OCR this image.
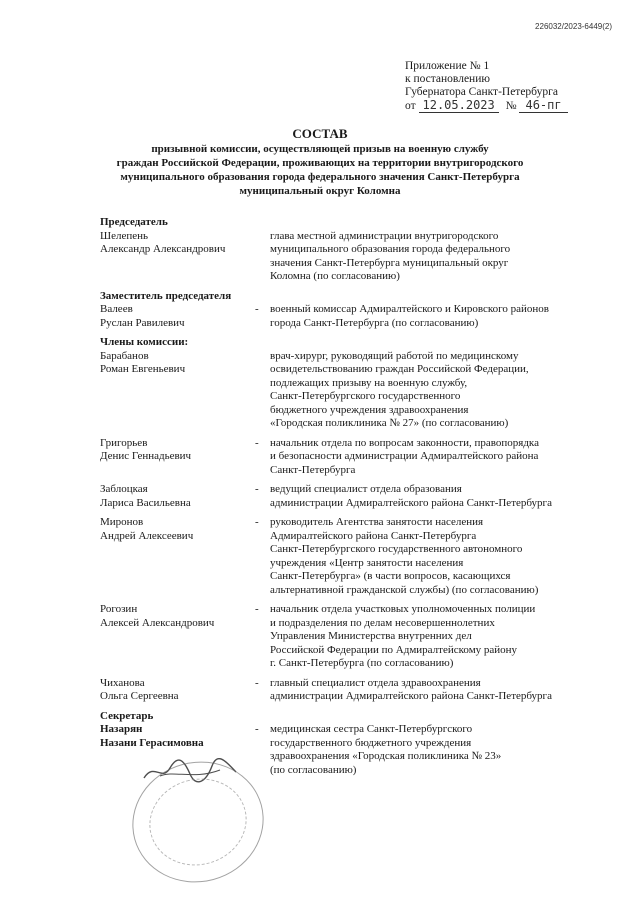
226032/2023-6449(2)
Приложение № 1
к постановлению
Губернатора Санкт-Петербурга
от 12.05.2023 № 46-пг
СОСТАВ
призывной комиссии, осуществляющей призыв на военную службу
граждан Российской Федерации, проживающих на территории внутригородского
муниципального образования города федерального значения Санкт-Петербурга
муниципальный округ Коломна
Председатель
Шелепень
Александр Александрович
глава местной администрации внутригородского
муниципального образования города федерального
значения Санкт-Петербурга муниципальный округ
Коломна (по согласованию)
Заместитель председателя
Валеев
Руслан Равилевич
-	военный комиссар Адмиралтейского и Кировского районов
города Санкт-Петербурга (по согласованию)
Члены комиссии:
Барабанов
Роман Евгеньевич
врач-хирург, руководящий работой по медицинскому
освидетельствованию граждан Российской Федерации,
подлежащих призыву на военную службу,
Санкт-Петербургского государственного
бюджетного учреждения здравоохранения
«Городская поликлиника № 27» (по согласованию)
Григорьев
Денис Геннадьевич
-	начальник отдела по вопросам законности, правопорядка
и безопасности администрации Адмиралтейского района
Санкт-Петербурга
Заблоцкая
Лариса Васильевна
-	ведущий специалист отдела образования
администрации Адмиралтейского района Санкт-Петербурга
Миронов
Андрей Алексеевич
-	руководитель Агентства занятости населения
Адмиралтейского района Санкт-Петербурга
Санкт-Петербургского государственного автономного
учреждения «Центр занятости населения
Санкт-Петербурга» (в части вопросов, касающихся
альтернативной гражданской службы) (по согласованию)
Рогозин
Алексей Александрович
-	начальник отдела участковых уполномоченных полиции
и подразделения по делам несовершеннолетних
Управления Министерства внутренних дел
Российской Федерации по Адмиралтейскому району
г. Санкт-Петербурга (по согласованию)
Чиханова
Ольга Сергеевна
-	главный специалист отдела здравоохранения
администрации Адмиралтейского района Санкт-Петербурга
Секретарь
Назарян
Назани Герасимовна
-	медицинская сестра Санкт-Петербургского
государственного бюджетного учреждения
здравоохранения «Городская поликлиника № 23»
(по согласованию)
